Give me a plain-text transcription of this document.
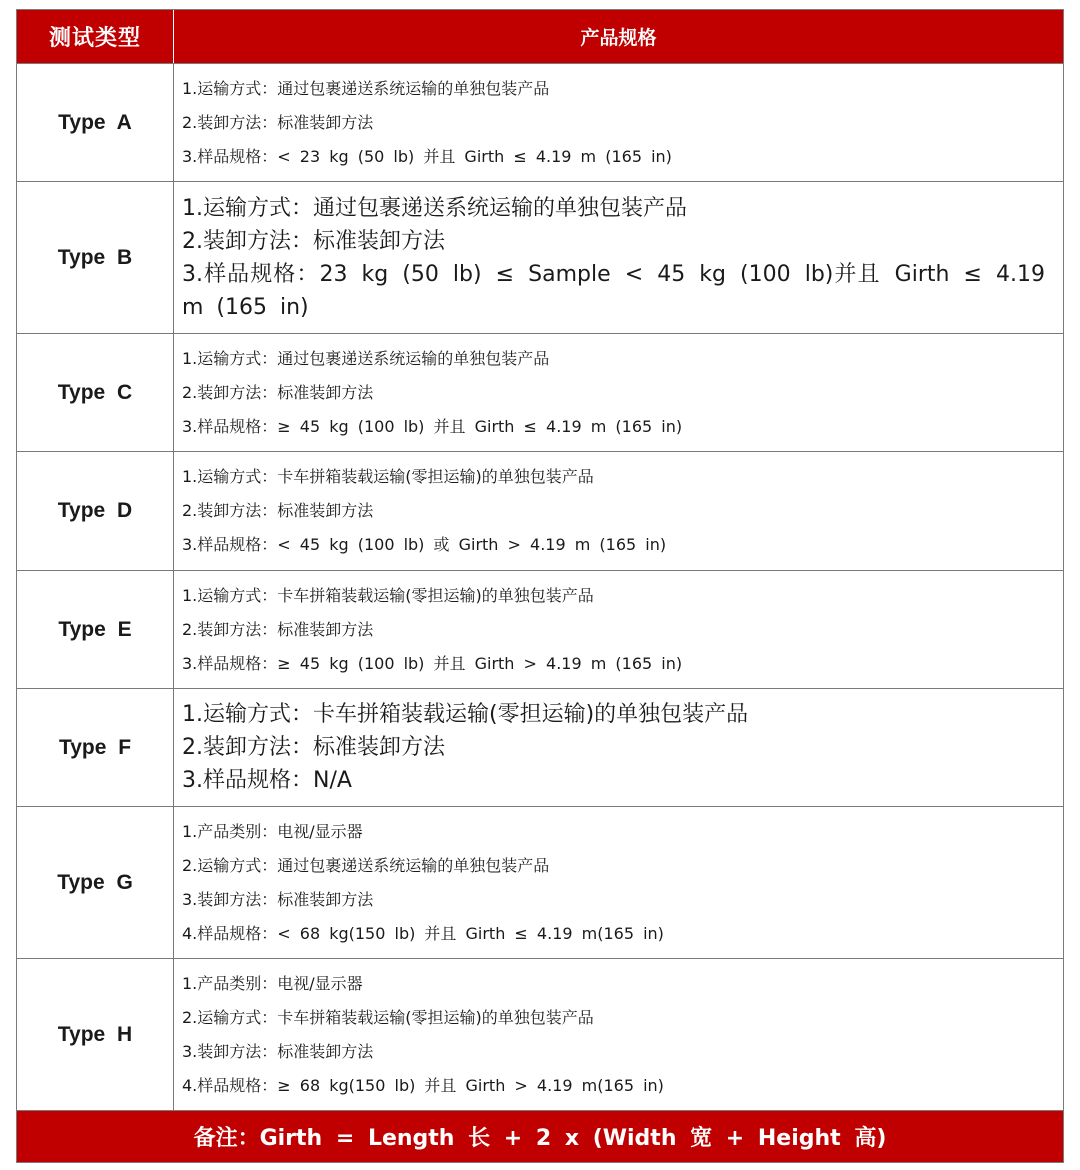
测试类型	产品规格
Type A
1.运输方式：通过包裹递送系统运输的单独包装产品
2.装卸方法：标准装卸方法
3.样品规格：< 23 kg (50 lb) 并且 Girth ≤ 4.19 m (165 in)
Type B
1.运输方式：通过包裹递送系统运输的单独包装产品
2.装卸方法：标准装卸方法
3.样品规格：23 kg (50 lb) ≤ Sample < 45 kg (100 lb)并且 Girth ≤ 4.19 m (165 in)
Type C
1.运输方式：通过包裹递送系统运输的单独包装产品
2.装卸方法：标准装卸方法
3.样品规格：≥ 45 kg (100 lb) 并且 Girth ≤ 4.19 m (165 in)
Type D
1.运输方式：卡车拼箱装载运输(零担运输)的单独包装产品
2.装卸方法：标准装卸方法
3.样品规格：< 45 kg (100 lb) 或 Girth > 4.19 m (165 in)
Type E
1.运输方式：卡车拼箱装载运输(零担运输)的单独包装产品
2.装卸方法：标准装卸方法
3.样品规格：≥ 45 kg (100 lb) 并且 Girth > 4.19 m (165 in)
Type F
1.运输方式：卡车拼箱装载运输(零担运输)的单独包装产品
2.装卸方法：标准装卸方法
3.样品规格：N/A
Type G
1.产品类别：电视/显示器
2.运输方式：通过包裹递送系统运输的单独包装产品
3.装卸方法：标准装卸方法
4.样品规格：< 68 kg(150 lb) 并且 Girth ≤ 4.19 m(165 in)
Type H
1.产品类别：电视/显示器
2.运输方式：卡车拼箱装载运输(零担运输)的单独包装产品
3.装卸方法：标准装卸方法
4.样品规格：≥ 68 kg(150 lb) 并且 Girth > 4.19 m(165 in)
备注：Girth = Length 长 + 2 x (Width 宽 + Height 高)
